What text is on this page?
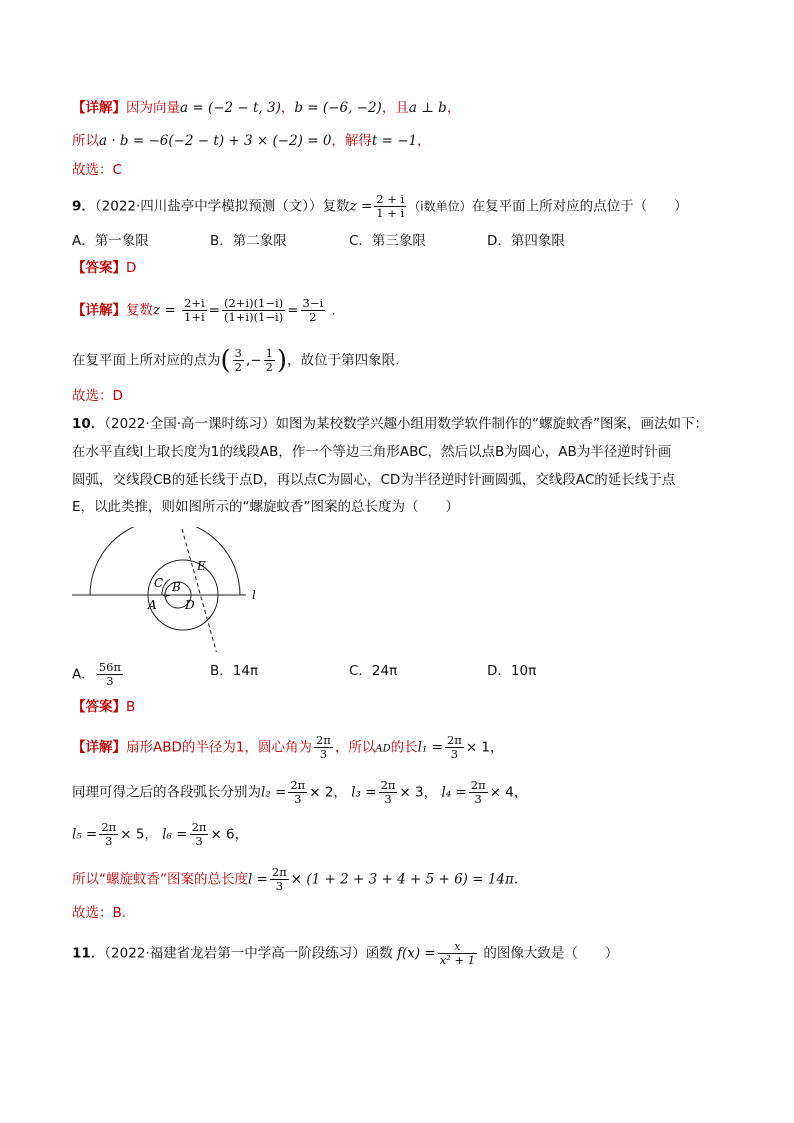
【详解】因为向量a = (−2 − t, 3)，b = (−6, −2)，且a ⊥ b，
所以a · b = −6(−2 − t) + 3 × (−2) = 0，解得t = −1，
故选：C
9．（2022·四川盐亭中学模拟预测（文））复数$z = \frac{2 + i}{1 + i} (i$数单位）在复平面上所对应的点位于（　　）
A．第一象限	B．第二象限	C．第三象限	D．第四象限
【答案】D
【详解】复数$z = \frac{2+i}{1+i} = \frac{(2+i)(1-i)}{(1+i)(1-i)} = \frac{3-i}{2}$ .
在复平面上所对应的点为( $\frac{3}{2}$ ,− $\frac{1}{2}$ )，故位于第四象限.
故选：D
10．（2022·全国·高一课时练习）如图为某校数学兴趣小组用数学软件制作的“螺旋蚊香”图案，画法如下：
在水平直线l上取长度为1的线段AB，作一个等边三角形ABC，然后以点B为圆心，AB为半径逆时针画
圆弧，交线段CB的延长线于点D，再以点C为圆心，CD为半径逆时针画圆弧，交线段AC的延长线于点
E，以此类推，则如图所示的“螺旋蚊香”图案的总长度为（　　）
C B
A D
E
l
A． $\frac{56\pi}{3}$	B．14π	C．24π	D．10π
【答案】B
【详解】扇形ABD的半径为1，圆心角为 $\frac{2\pi}{3}$ ，所以AD的长$l_1 = \frac{2\pi}{3} \times 1$，
同理可得之后的各段弧长分别为$l_2 = \frac{2\pi}{3} \times 2$， $l_3 = \frac{2\pi}{3} \times 3$， $l_4 = \frac{2\pi}{3} \times 4$，
$l_5 = \frac{2\pi}{3} \times 5$， $l_6 = \frac{2\pi}{3} \times 6$，
所以“螺旋蚊香”图案的总长度$l = \frac{2\pi}{3} \times (1 + 2 + 3 + 4 + 5 + 6) = 14\pi$.
故选：B.
11．（2022·福建省龙岩第一中学高一阶段练习）函数 $f(x) = \frac{x}{\text{x² + 1}}$ 的图像大致是（　　）
